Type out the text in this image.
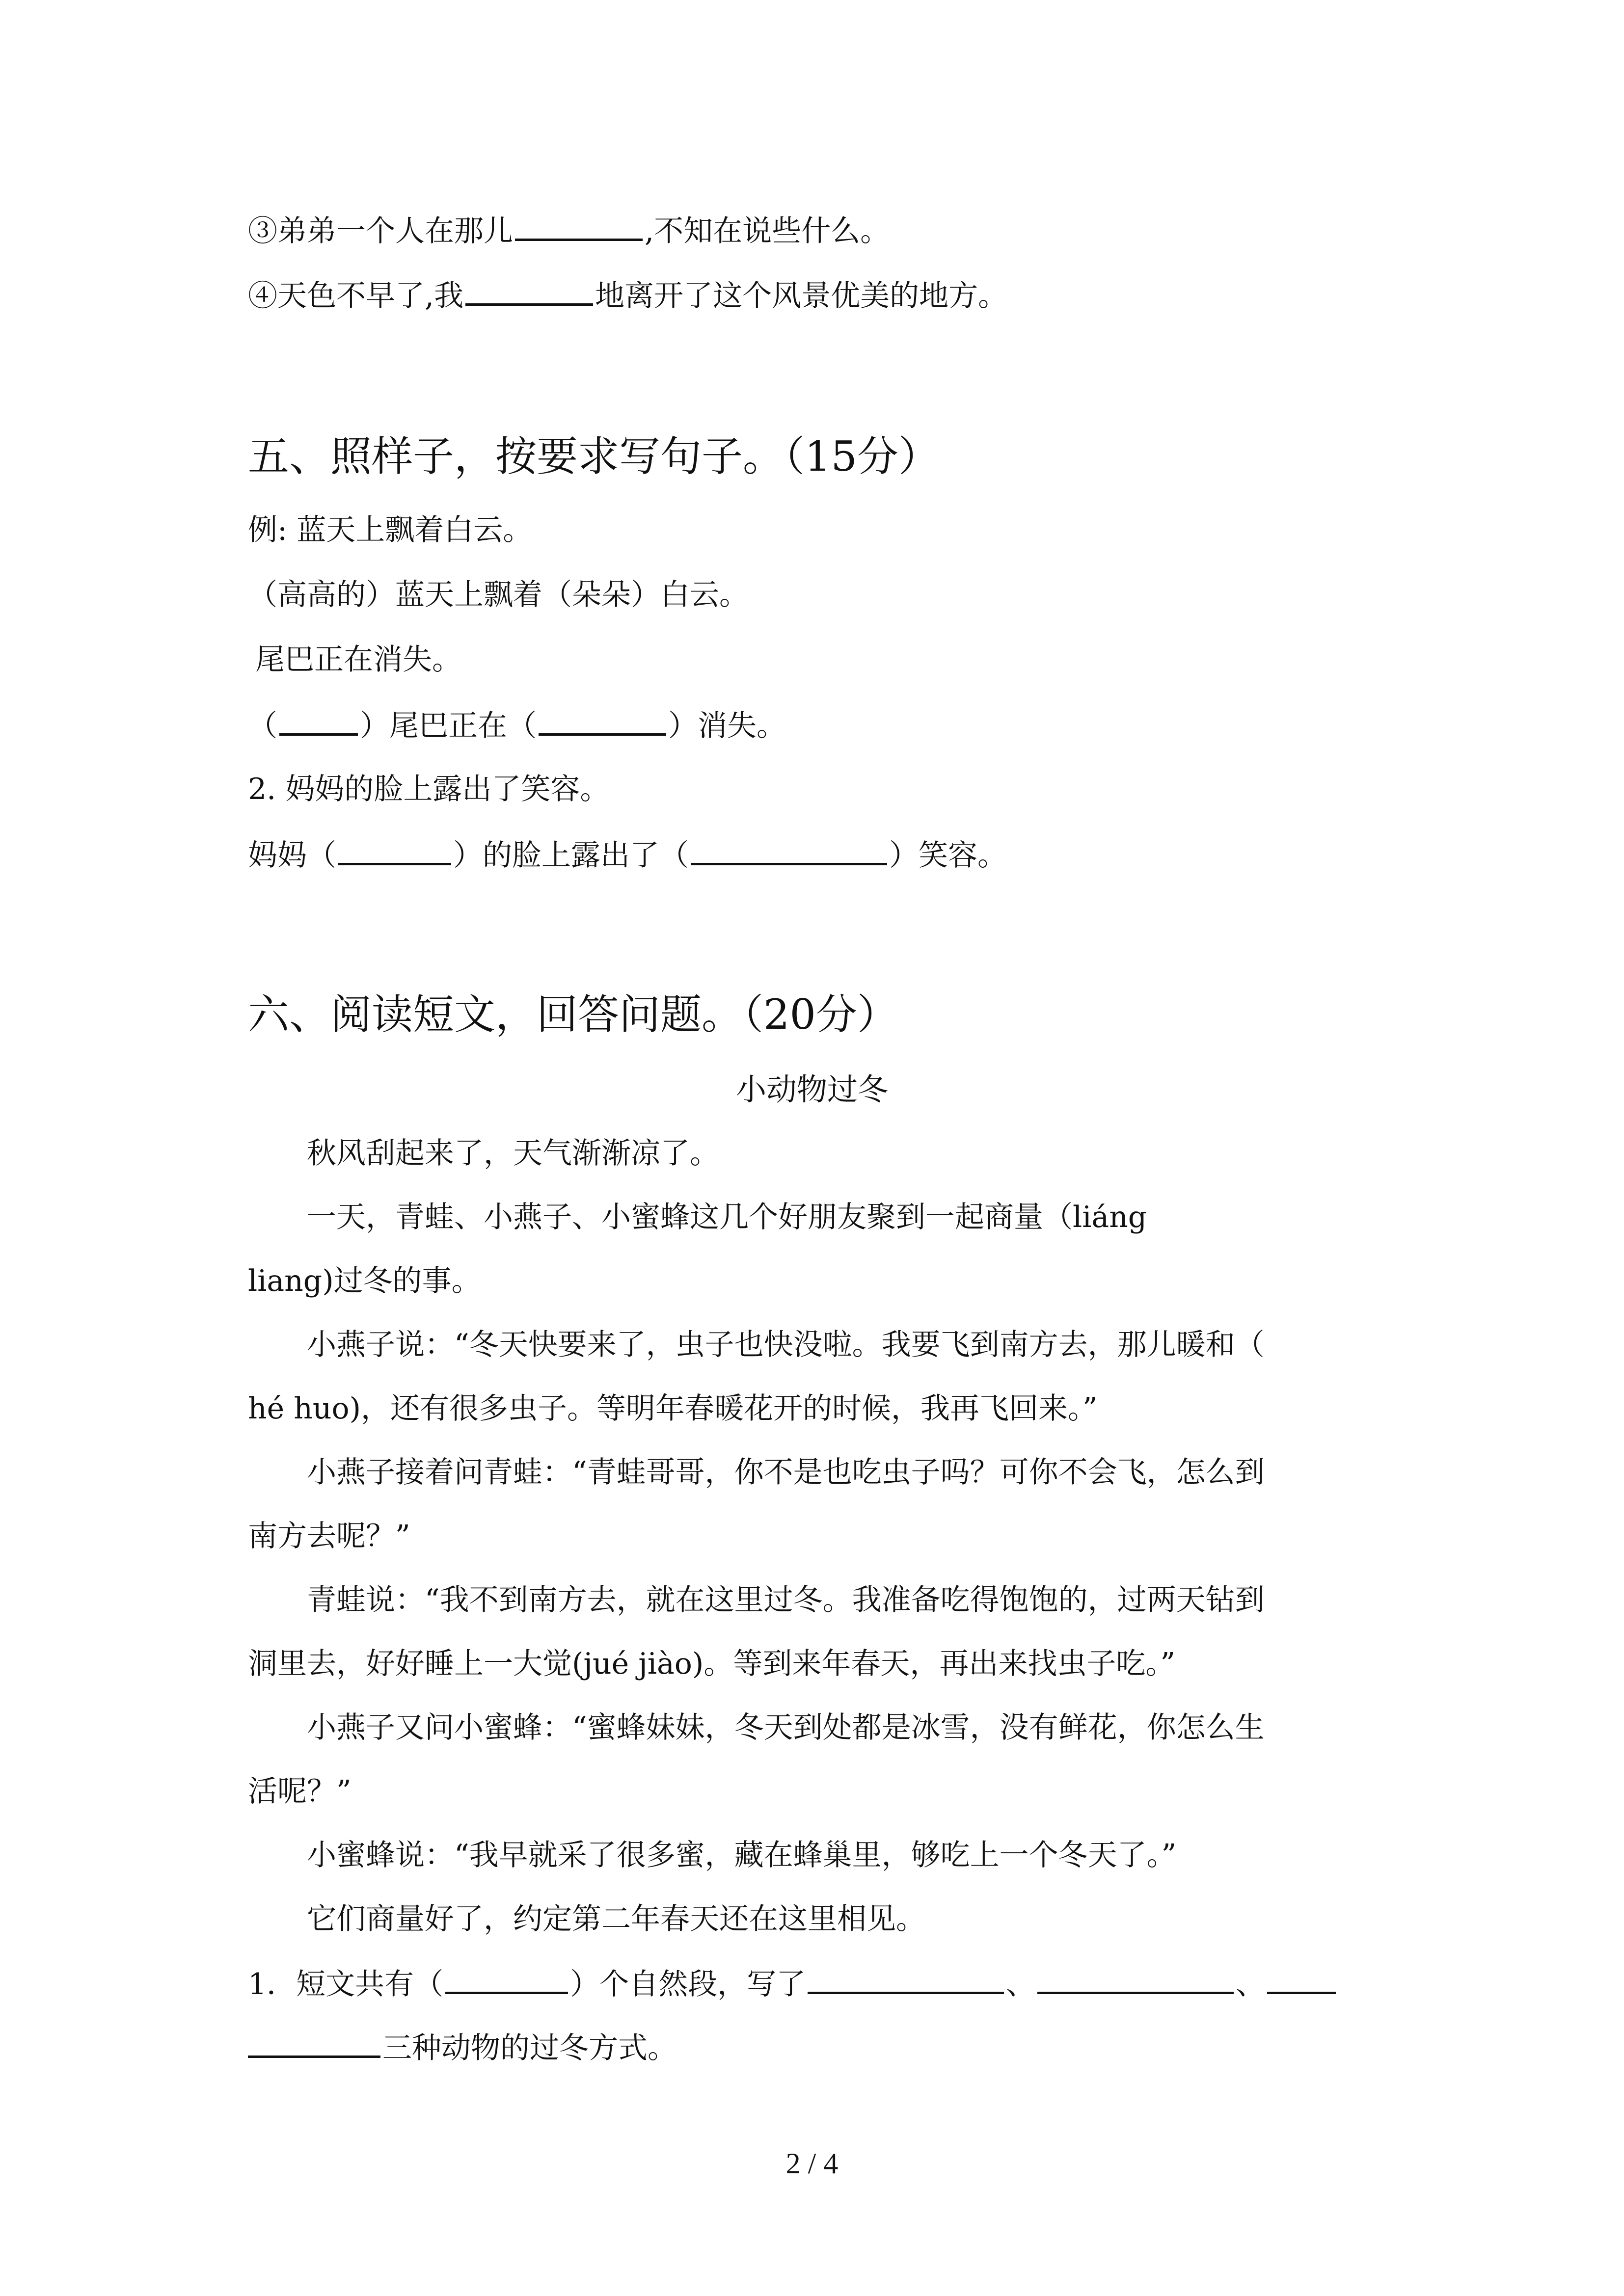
③弟弟一个人在那儿	,不知在说些什么。
④天色不早了,我	地离开了这个风景优美的地方。
五、照样子，按要求写句子。（15分）
例: 蓝天上飘着白云。
（高高的）蓝天上飘着（朵朵）白云。
尾巴正在消失。
（	）尾巴正在（	）消失。
2. 妈妈的脸上露出了笑容。
妈妈（	）的脸上露出了（	）笑容。
六、阅读短文，回答问题。（20分）
小动物过冬
秋风刮起来了，天气渐渐凉了。
一天，青蛙、小燕子、小蜜蜂这几个好朋友聚到一起商量（liáng
liang)过冬的事。
小燕子说：“冬天快要来了，虫子也快没啦。我要飞到南方去，那儿暖和（
hé huo)，还有很多虫子。等明年春暖花开的时候，我再飞回来。”
小燕子接着问青蛙：“青蛙哥哥，你不是也吃虫子吗？可你不会飞，怎么到
南方去呢？”
青蛙说：“我不到南方去，就在这里过冬。我准备吃得饱饱的，过两天钻到
洞里去，好好睡上一大觉(jué jiào)。等到来年春天，再出来找虫子吃。”
小燕子又问小蜜蜂：“蜜蜂妹妹，冬天到处都是冰雪，没有鲜花，你怎么生
活呢？”
小蜜蜂说：“我早就采了很多蜜，藏在蜂巢里，够吃上一个冬天了。”
它们商量好了，约定第二年春天还在这里相见。
1．短文共有（	）个自然段，写了	、	、
三种动物的过冬方式。
2 / 4
